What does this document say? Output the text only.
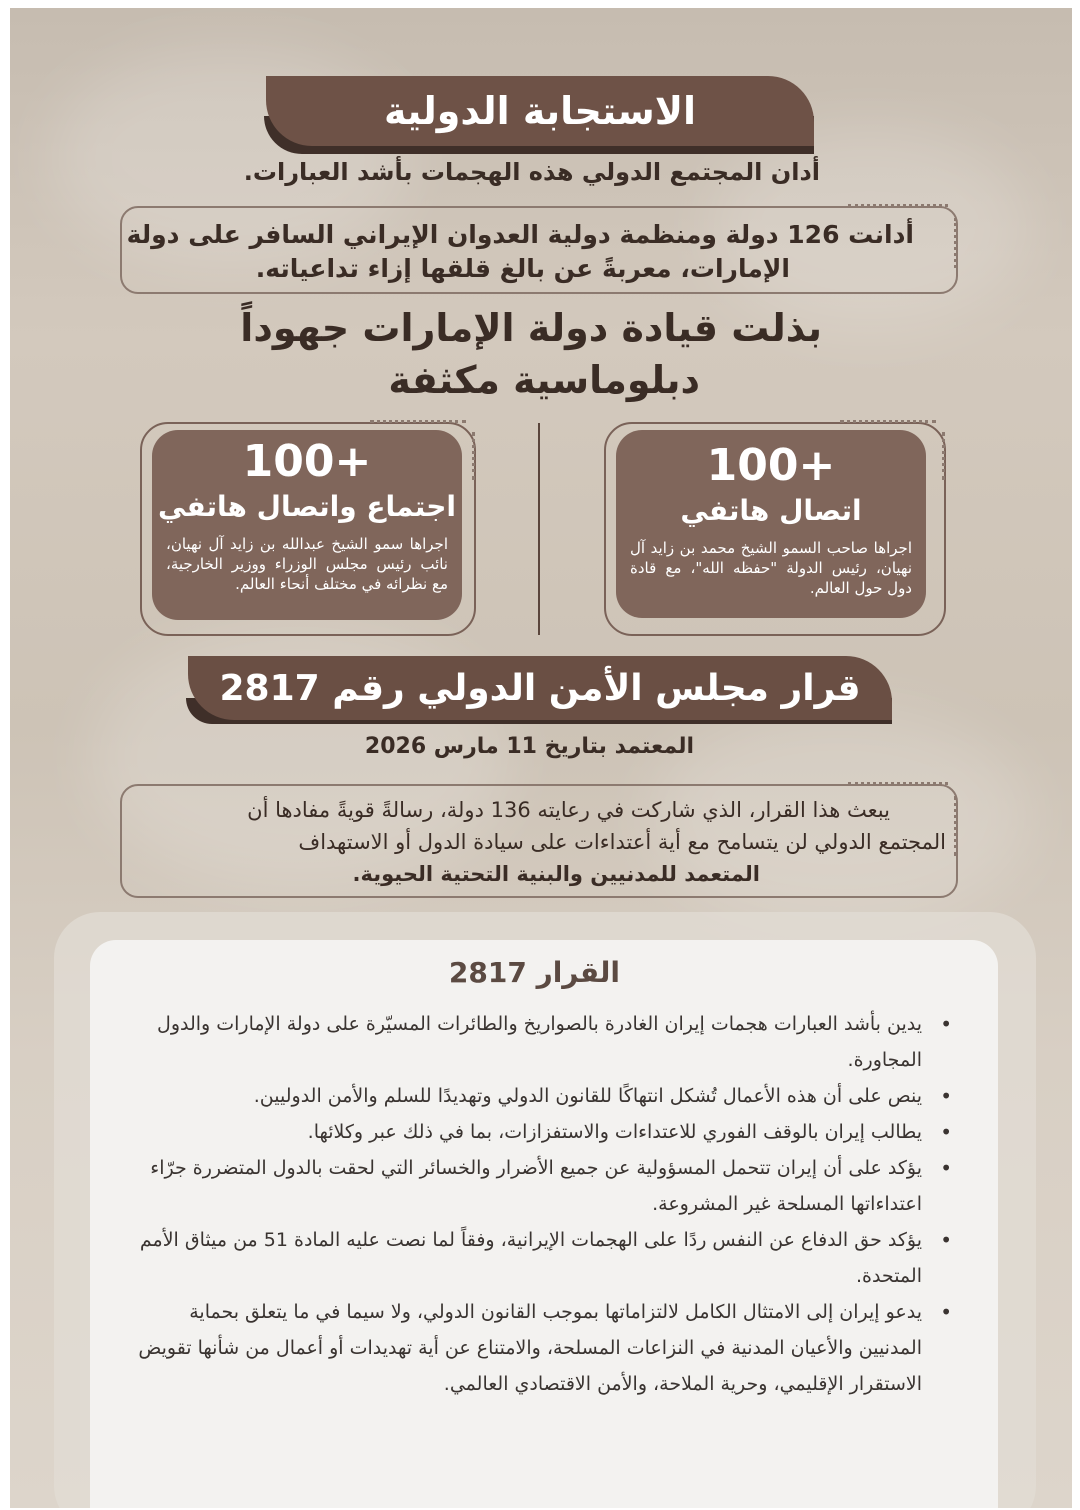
الاستجابة الدولية
أدان المجتمع الدولي هذه الهجمات بأشد العبارات.
أدانت 126 دولة ومنظمة دولية العدوان الإيراني السافر على دولة
الإمارات، معربةً عن بالغ قلقها إزاء تداعياته.
بذلت قيادة دولة الإمارات جهوداً
دبلوماسية مكثفة
100+
اتصال هاتفي
اجراها صاحب السمو الشيخ محمد بن زايد آل نهيان، رئيس الدولة "حفظه الله"، مع قادة دول حول العالم.
100+
اجتماع واتصال هاتفي
اجراها سمو الشيخ عبدالله بن زايد آل نهيان، نائب رئيس مجلس الوزراء ووزير الخارجية، مع نظرائه في مختلف أنحاء العالم.
قرار مجلس الأمن الدولي رقم 2817
المعتمد بتاريخ 11 مارس 2026
يبعث هذا القرار، الذي شاركت في رعايته 136 دولة، رسالةً قويةً مفادها أن
المجتمع الدولي لن يتسامح مع أية أعتداءات على سيادة الدول أو الاستهداف
المتعمد للمدنيين والبنية التحتية الحيوية.
القرار 2817
• يدين بأشد العبارات هجمات إيران الغادرة بالصواريخ والطائرات المسيّرة على دولة الإمارات والدول المجاورة.
• ينص على أن هذه الأعمال تُشكل انتهاكًا للقانون الدولي وتهديدًا للسلم والأمن الدوليين.
• يطالب إيران بالوقف الفوري للاعتداءات والاستفزازات، بما في ذلك عبر وكلائها.
• يؤكد على أن إيران تتحمل المسؤولية عن جميع الأضرار والخسائر التي لحقت بالدول المتضررة جرّاء اعتداءاتها المسلحة غير المشروعة.
• يؤكد حق الدفاع عن النفس ردًا على الهجمات الإيرانية، وفقاً لما نصت عليه المادة 51 من ميثاق الأمم المتحدة.
• يدعو إيران إلى الامتثال الكامل لالتزاماتها بموجب القانون الدولي، ولا سيما في ما يتعلق بحماية المدنيين والأعيان المدنية في النزاعات المسلحة، والامتناع عن أية تهديدات أو أعمال من شأنها تقويض الاستقرار الإقليمي، وحرية الملاحة، والأمن الاقتصادي العالمي.
